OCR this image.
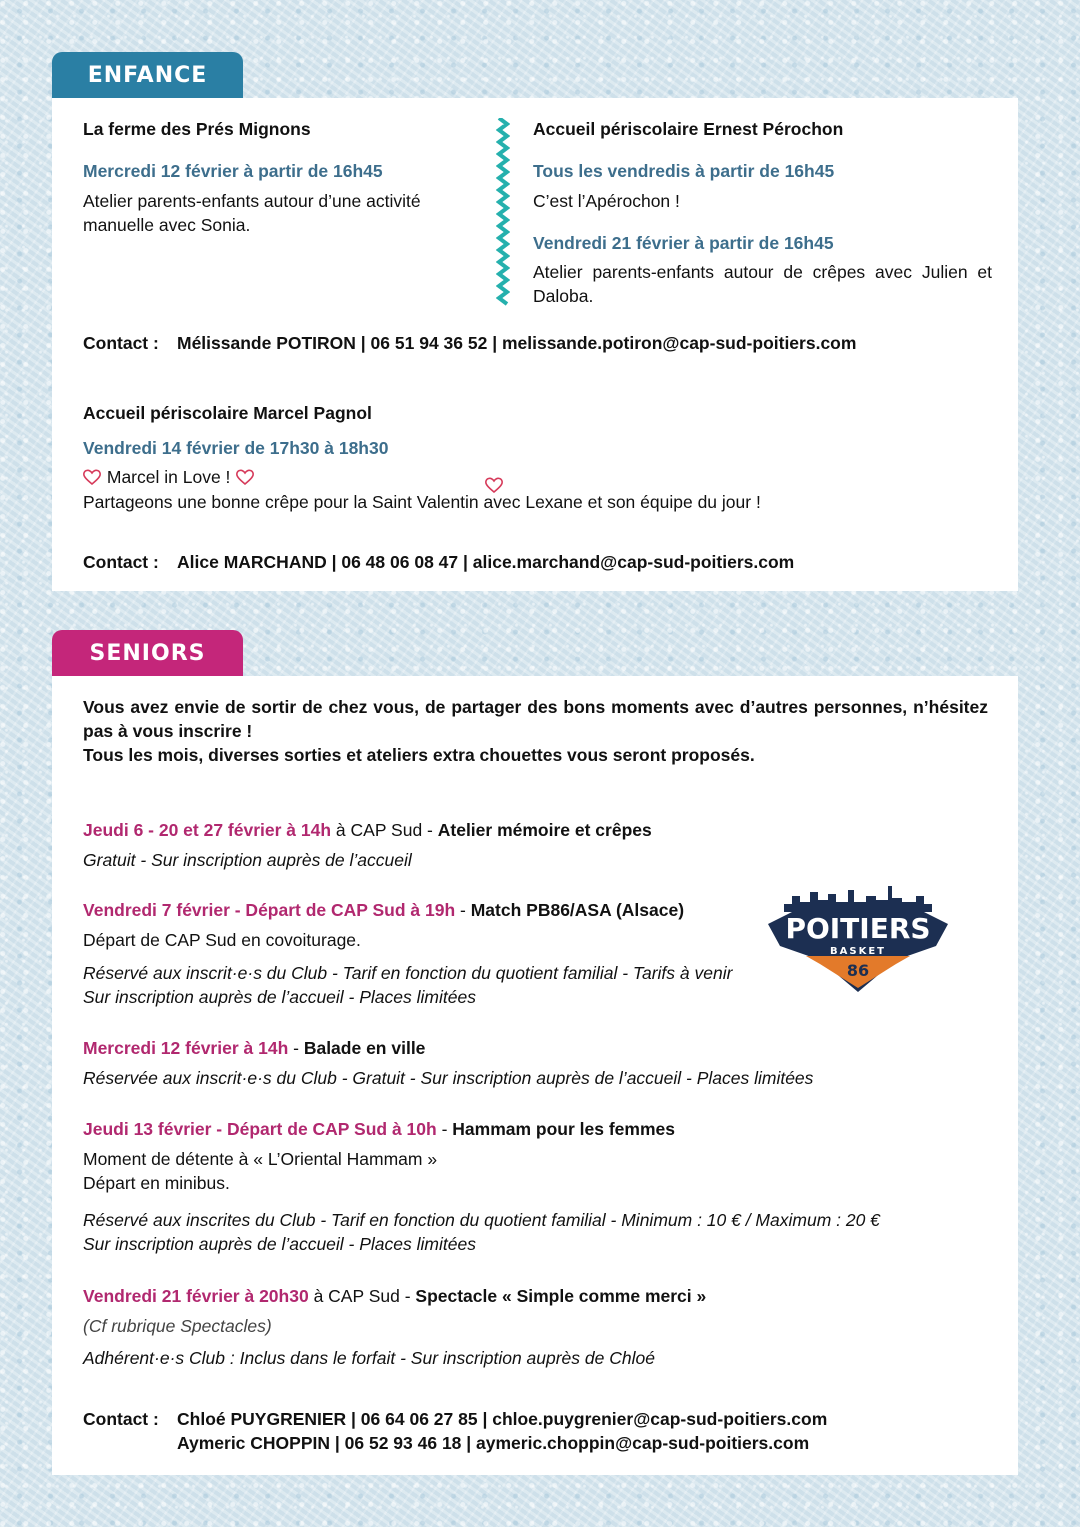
ENFANCE
La ferme des Prés Mignons
Mercredi 12 février à partir de 16h45
Atelier parents-enfants autour d’une activité manuelle avec Sonia.
Accueil périscolaire Ernest Pérochon
Tous les vendredis à partir de 16h45
C’est l’Apérochon !
Vendredi 21 février à partir de 16h45
Atelier parents-enfants autour de crêpes avec Julien et Daloba.
Contact : Mélissande POTIRON | 06 51 94 36 52 | melissande.potiron@cap-sud-poitiers.com
Accueil périscolaire Marcel Pagnol
Vendredi 14 février de 17h30 à 18h30
Marcel in Love !
Partageons une bonne crêpe pour la Saint Valentin avec Lexane et son équipe du jour !
Contact : Alice MARCHAND | 06 48 06 08 47 | alice.marchand@cap-sud-poitiers.com
SENIORS
Vous avez envie de sortir de chez vous, de partager des bons moments avec d’autres personnes, n’hésitez pas à vous inscrire !
Tous les mois, diverses sorties et ateliers extra chouettes vous seront proposés.
Jeudi 6 - 20 et 27 février à 14h à CAP Sud - Atelier mémoire et crêpes
Gratuit - Sur inscription auprès de l’accueil
Vendredi 7 février - Départ de CAP Sud à 19h - Match PB86/ASA (Alsace)
Départ de CAP Sud en covoiturage.
Réservé aux inscrit·e·s du Club - Tarif en fonction du quotient familial - Tarifs à venir
Sur inscription auprès de l’accueil - Places limitées
POITIERS
BASKET
86
Mercredi 12 février à 14h - Balade en ville
Réservée aux inscrit·e·s du Club - Gratuit - Sur inscription auprès de l’accueil - Places limitées
Jeudi 13 février - Départ de CAP Sud à 10h - Hammam pour les femmes
Moment de détente à « L’Oriental Hammam »
Départ en minibus.
Réservé aux inscrites du Club - Tarif en fonction du quotient familial - Minimum : 10 € / Maximum : 20 €
Sur inscription auprès de l’accueil - Places limitées
Vendredi 21 février à 20h30 à CAP Sud - Spectacle « Simple comme merci »
(Cf rubrique Spectacles)
Adhérent·e·s Club : Inclus dans le forfait - Sur inscription auprès de Chloé
Contact : Chloé PUYGRENIER | 06 64 06 27 85 | chloe.puygrenier@cap-sud-poitiers.com
Aymeric CHOPPIN | 06 52 93 46 18 | aymeric.choppin@cap-sud-poitiers.com
